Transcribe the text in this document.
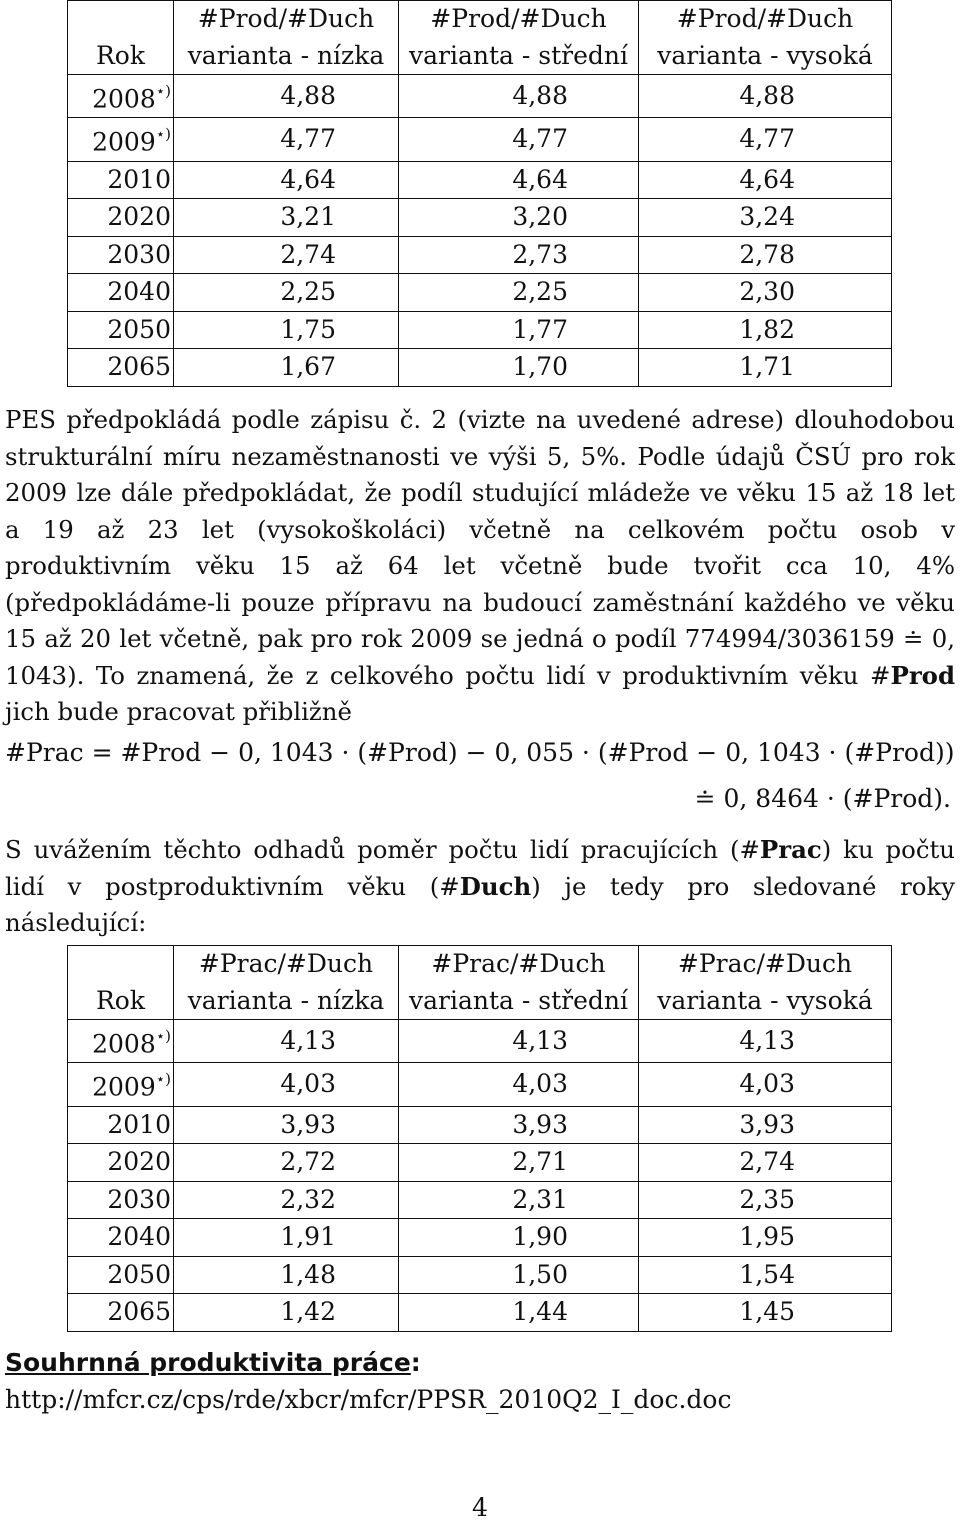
	#Prod/#Duch	#Prod/#Duch	#Prod/#Duch
Rok	varianta - nízka	varianta - střední	varianta - vysoká
2008⋆)	4,88	4,88	4,88
2009⋆)	4,77	4,77	4,77
2010	4,64	4,64	4,64
2020	3,21	3,20	3,24
2030	2,74	2,73	2,78
2040	2,25	2,25	2,30
2050	1,75	1,77	1,82
2065	1,67	1,70	1,71

PES předpokládá podle zápisu č. 2 (vizte na uvedené adrese) dlouhodobou strukturální míru nezaměstnanosti ve výši 5, 5%. Podle údajů ČSÚ pro rok 2009 lze dále předpokládat, že podíl studující mládeže ve věku 15 až 18 let a 19 až 23 let (vysokoškoláci) včetně na celkovém počtu osob v produktivním věku 15 až 64 let včetně bude tvořit cca 10, 4% (předpokládáme-li pouze přípravu na budoucí zaměstnání každého ve věku 15 až 20 let včetně, pak pro rok 2009 se jedná o podíl 774994/3036159 ≐ 0, 1043). To znamená, že z celkového počtu lidí v produktivním věku #Prod jich bude pracovat přibližně

#Prac = #Prod − 0, 1043 · (#Prod) − 0, 055 · (#Prod − 0, 1043 · (#Prod))
≐ 0, 8464 · (#Prod).

S uvážením těchto odhadů poměr počtu lidí pracujících (#Prac) ku počtu lidí v postproduktivním věku (#Duch) je tedy pro sledované roky následující:

	#Prac/#Duch	#Prac/#Duch	#Prac/#Duch
Rok	varianta - nízka	varianta - střední	varianta - vysoká
2008⋆)	4,13	4,13	4,13
2009⋆)	4,03	4,03	4,03
2010	3,93	3,93	3,93
2020	2,72	2,71	2,74
2030	2,32	2,31	2,35
2040	1,91	1,90	1,95
2050	1,48	1,50	1,54
2065	1,42	1,44	1,45
Souhrnná produktivita práce:
http://mfcr.cz/cps/rde/xbcr/mfcr/PPSR_2010Q2_I_doc.doc
4
